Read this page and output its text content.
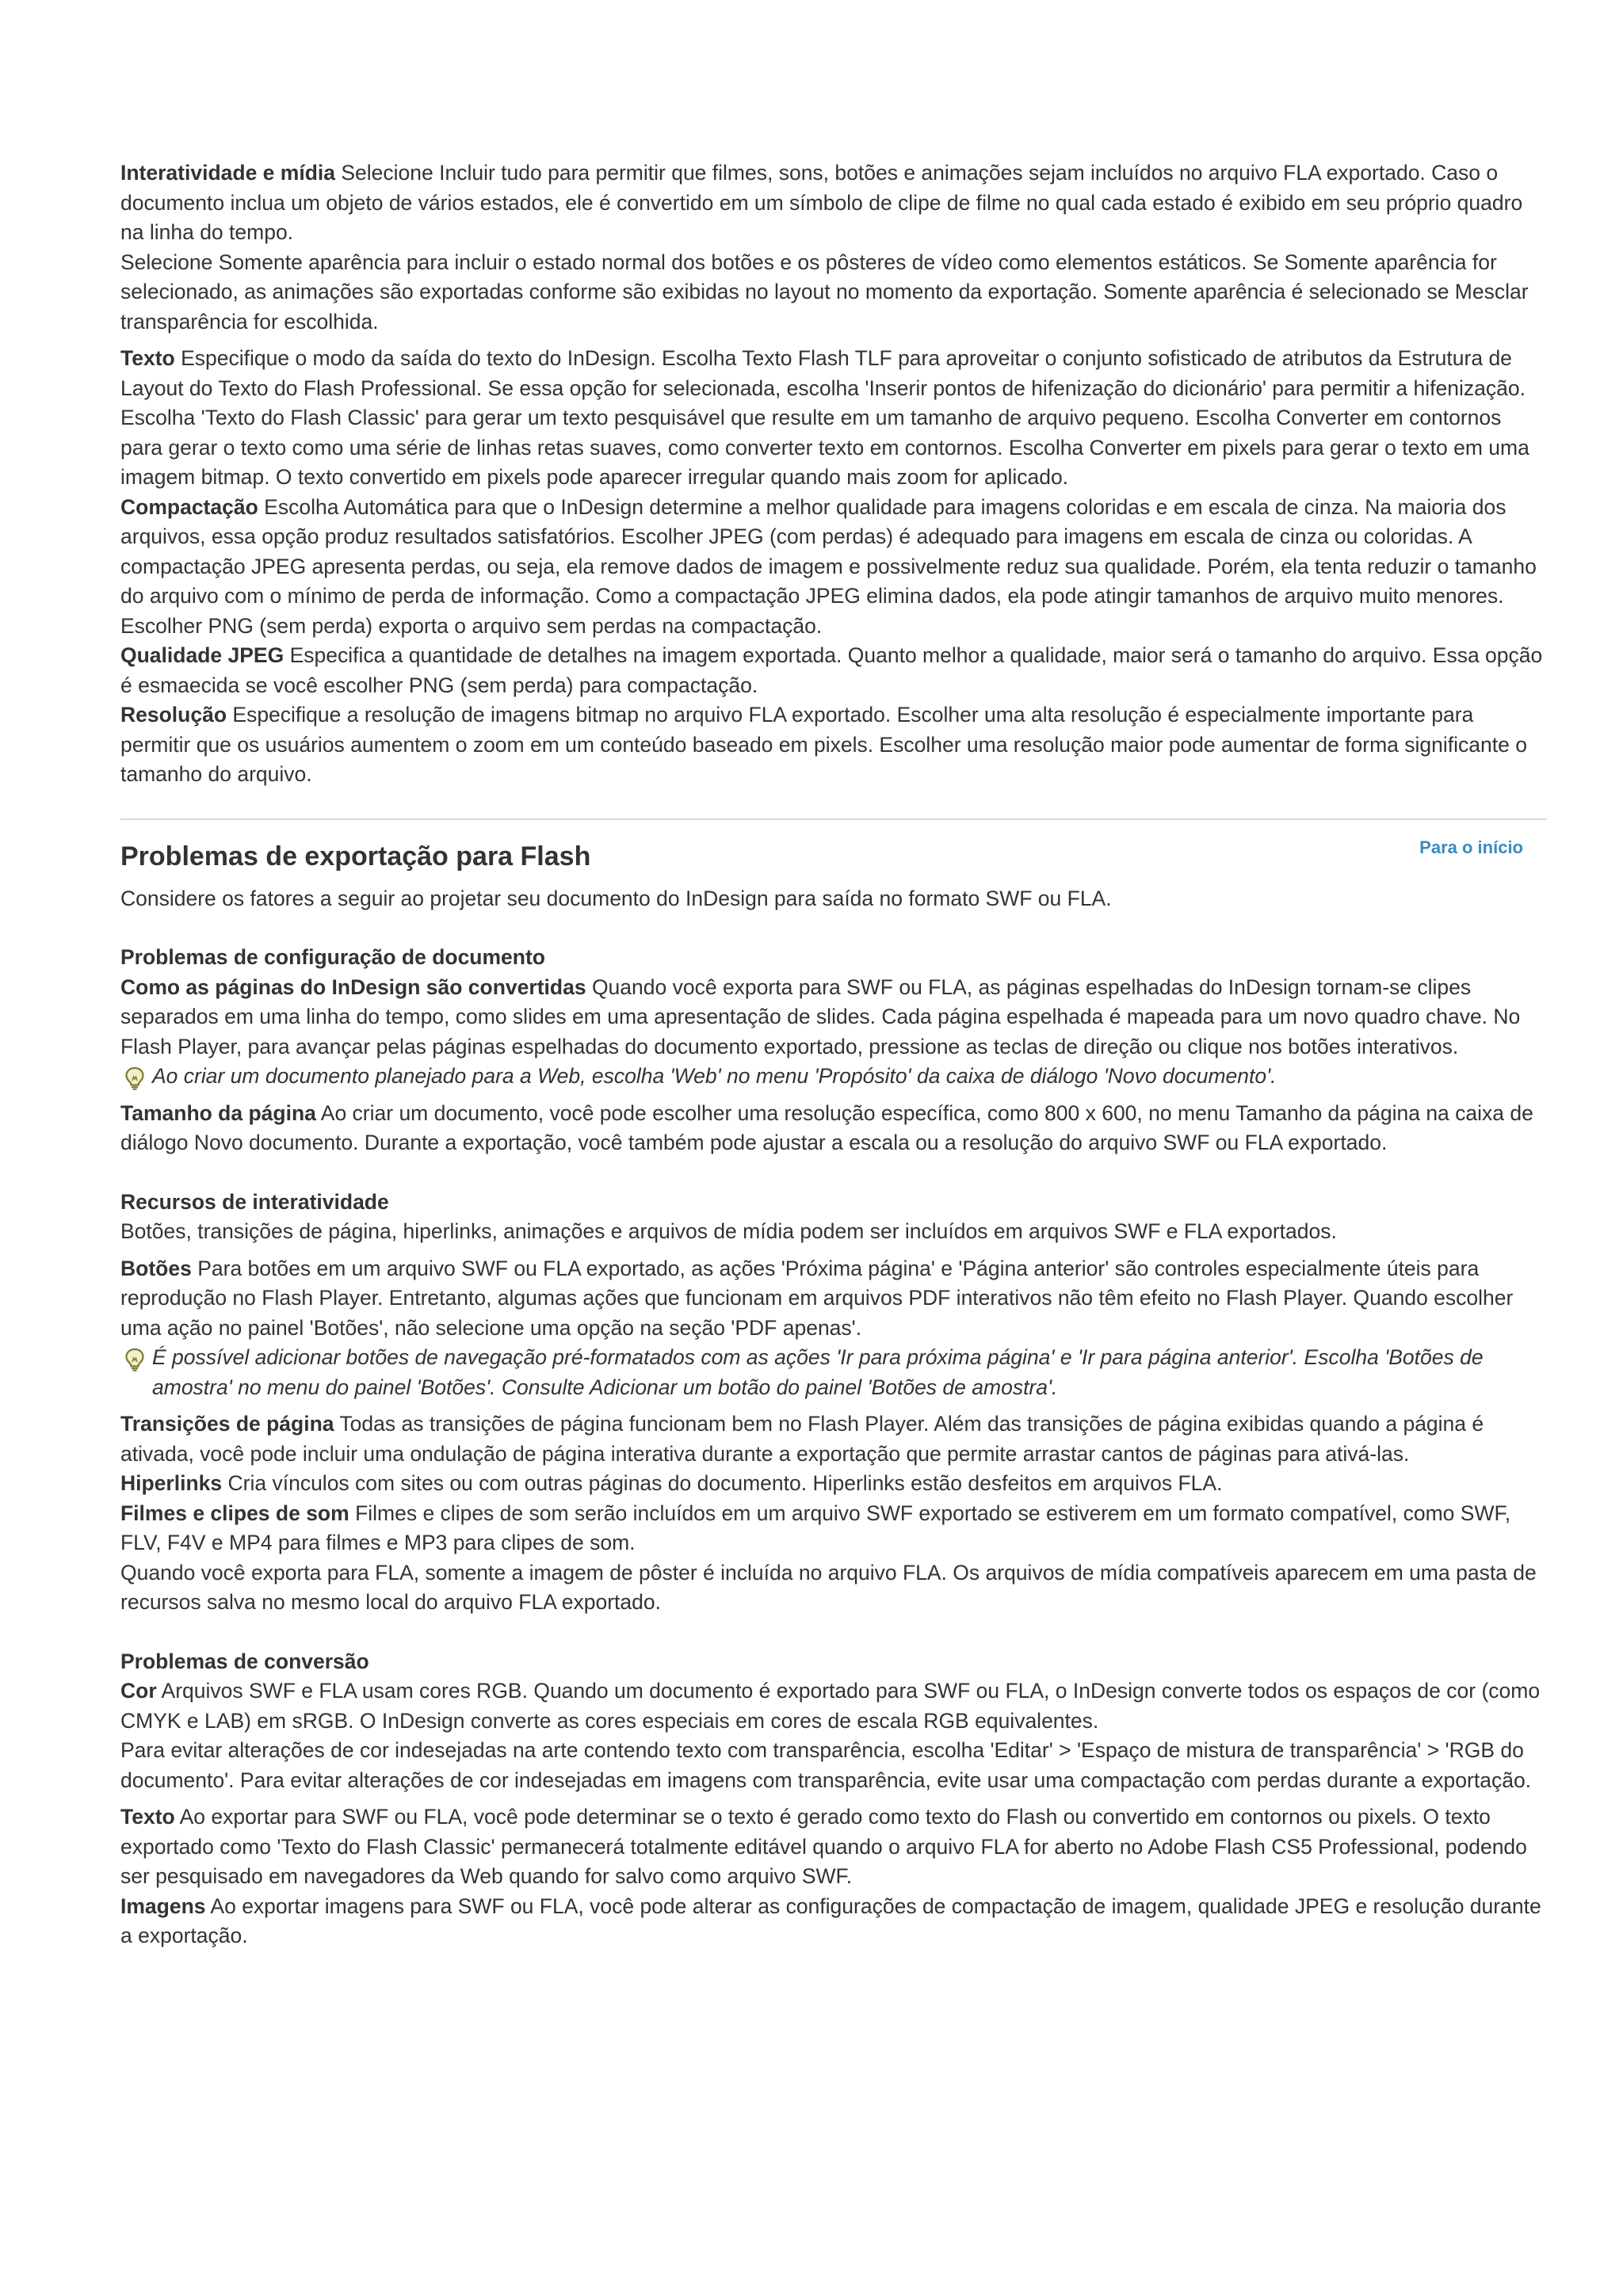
Interatividade e mídia Selecione Incluir tudo para permitir que filmes, sons, botões e animações sejam incluídos no arquivo FLA exportado. Caso o documento inclua um objeto de vários estados, ele é convertido em um símbolo de clipe de filme no qual cada estado é exibido em seu próprio quadro na linha do tempo.

Selecione Somente aparência para incluir o estado normal dos botões e os pôsteres de vídeo como elementos estáticos. Se Somente aparência for selecionado, as animações são exportadas conforme são exibidas no layout no momento da exportação. Somente aparência é selecionado se Mesclar transparência for escolhida.

Texto Especifique o modo da saída do texto do InDesign. Escolha Texto Flash TLF para aproveitar o conjunto sofisticado de atributos da Estrutura de Layout do Texto do Flash Professional. Se essa opção for selecionada, escolha 'Inserir pontos de hifenização do dicionário' para permitir a hifenização. Escolha 'Texto do Flash Classic' para gerar um texto pesquisável que resulte em um tamanho de arquivo pequeno. Escolha Converter em contornos para gerar o texto como uma série de linhas retas suaves, como converter texto em contornos. Escolha Converter em pixels para gerar o texto em uma imagem bitmap. O texto convertido em pixels pode aparecer irregular quando mais zoom for aplicado.

Compactação Escolha Automática para que o InDesign determine a melhor qualidade para imagens coloridas e em escala de cinza. Na maioria dos arquivos, essa opção produz resultados satisfatórios. Escolher JPEG (com perdas) é adequado para imagens em escala de cinza ou coloridas. A compactação JPEG apresenta perdas, ou seja, ela remove dados de imagem e possivelmente reduz sua qualidade. Porém, ela tenta reduzir o tamanho do arquivo com o mínimo de perda de informação. Como a compactação JPEG elimina dados, ela pode atingir tamanhos de arquivo muito menores. Escolher PNG (sem perda) exporta o arquivo sem perdas na compactação.

Qualidade JPEG Especifica a quantidade de detalhes na imagem exportada. Quanto melhor a qualidade, maior será o tamanho do arquivo. Essa opção é esmaecida se você escolher PNG (sem perda) para compactação.

Resolução Especifique a resolução de imagens bitmap no arquivo FLA exportado. Escolher uma alta resolução é especialmente importante para permitir que os usuários aumentem o zoom em um conteúdo baseado em pixels. Escolher uma resolução maior pode aumentar de forma significante o tamanho do arquivo.

Problemas de exportação para Flash	Para o início

Considere os fatores a seguir ao projetar seu documento do InDesign para saída no formato SWF ou FLA.

Problemas de configuração de documento

Como as páginas do InDesign são convertidas Quando você exporta para SWF ou FLA, as páginas espelhadas do InDesign tornam-se clipes separados em uma linha do tempo, como slides em uma apresentação de slides. Cada página espelhada é mapeada para um novo quadro chave. No Flash Player, para avançar pelas páginas espelhadas do documento exportado, pressione as teclas de direção ou clique nos botões interativos.

Ao criar um documento planejado para a Web, escolha 'Web' no menu 'Propósito' da caixa de diálogo 'Novo documento'.

Tamanho da página Ao criar um documento, você pode escolher uma resolução específica, como 800 x 600, no menu Tamanho da página na caixa de diálogo Novo documento. Durante a exportação, você também pode ajustar a escala ou a resolução do arquivo SWF ou FLA exportado.

Recursos de interatividade

Botões, transições de página, hiperlinks, animações e arquivos de mídia podem ser incluídos em arquivos SWF e FLA exportados.

Botões Para botões em um arquivo SWF ou FLA exportado, as ações 'Próxima página' e 'Página anterior' são controles especialmente úteis para reprodução no Flash Player. Entretanto, algumas ações que funcionam em arquivos PDF interativos não têm efeito no Flash Player. Quando escolher uma ação no painel 'Botões', não selecione uma opção na seção 'PDF apenas'.

É possível adicionar botões de navegação pré-formatados com as ações 'Ir para próxima página' e 'Ir para página anterior'. Escolha 'Botões de amostra' no menu do painel 'Botões'. Consulte Adicionar um botão do painel 'Botões de amostra'.

Transições de página Todas as transições de página funcionam bem no Flash Player. Além das transições de página exibidas quando a página é ativada, você pode incluir uma ondulação de página interativa durante a exportação que permite arrastar cantos de páginas para ativá-las.

Hiperlinks Cria vínculos com sites ou com outras páginas do documento. Hiperlinks estão desfeitos em arquivos FLA.

Filmes e clipes de som Filmes e clipes de som serão incluídos em um arquivo SWF exportado se estiverem em um formato compatível, como SWF, FLV, F4V e MP4 para filmes e MP3 para clipes de som.

Quando você exporta para FLA, somente a imagem de pôster é incluída no arquivo FLA. Os arquivos de mídia compatíveis aparecem em uma pasta de recursos salva no mesmo local do arquivo FLA exportado.

Problemas de conversão

Cor Arquivos SWF e FLA usam cores RGB. Quando um documento é exportado para SWF ou FLA, o InDesign converte todos os espaços de cor (como CMYK e LAB) em sRGB. O InDesign converte as cores especiais em cores de escala RGB equivalentes.

Para evitar alterações de cor indesejadas na arte contendo texto com transparência, escolha 'Editar' > 'Espaço de mistura de transparência' > 'RGB do documento'. Para evitar alterações de cor indesejadas em imagens com transparência, evite usar uma compactação com perdas durante a exportação.

Texto Ao exportar para SWF ou FLA, você pode determinar se o texto é gerado como texto do Flash ou convertido em contornos ou pixels. O texto exportado como 'Texto do Flash Classic' permanecerá totalmente editável quando o arquivo FLA for aberto no Adobe Flash CS5 Professional, podendo ser pesquisado em navegadores da Web quando for salvo como arquivo SWF.

Imagens Ao exportar imagens para SWF ou FLA, você pode alterar as configurações de compactação de imagem, qualidade JPEG e resolução durante a exportação.
